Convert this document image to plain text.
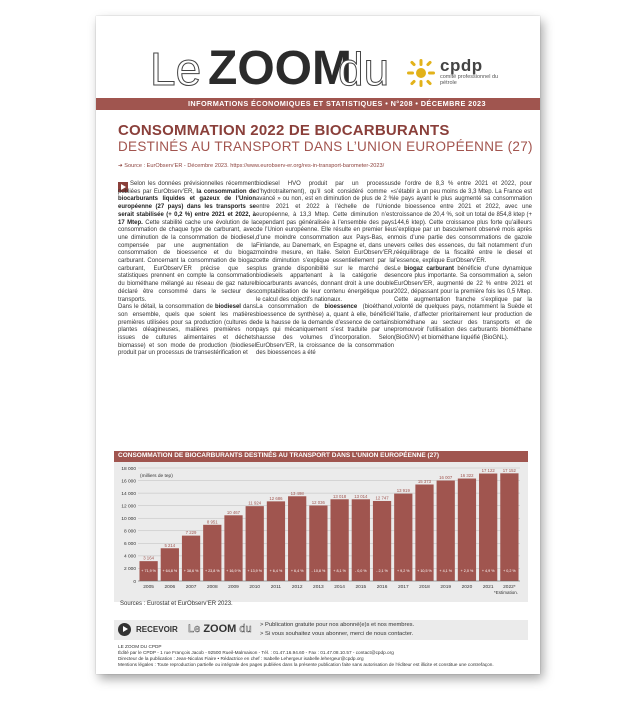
Le ZOOM
du	cpdp
comité professionnel du pétrole
INFORMATIONS ÉCONOMIQUES ET STATISTIQUES • N°208 • DÉCEMBRE 2023
CONSOMMATION 2022 DE BIOCARBURANTS
DESTINÉS AU TRANSPORT DANS L’UNION EUROPÉENNE (27)
➜ Source : EurObserv’ER - Décembre 2023. https://www.eurobserv-er.org/res-in-transport-barometer-2023/

Selon les données prévisionnelles récemment publiées par EurObserv’ER, la consommation de biocarburants liquides et gazeux de l’Union européenne (27 pays) dans les transports se serait stabilisée (+ 0,2 %) entre 2021 et 2022, à 17 Mtep. Cette stabilité cache une évolution de la consommation de chaque type de carburant, avec une diminution de la consommation de biodiesel, compensée par une augmentation de la consommation de bioessence et du biogaz carburant. Concernant la consommation de biogaz carburant, EurObserv’ER précise que ses statistiques prennent en compte la consommation du biométhane mélangé au réseau de gaz naturel déclaré être consommé dans le secteur des transports.

Dans le détail, la consommation de biodiesel dans son ensemble, quels que soient les matières premières utilisées pour sa production (cultures de plantes oléagineuses, matières premières non issues de cultures alimentaires et déchets biomasse) et son mode de production (biodiesel produit par un processus de transestérification et

biodiesel HVO produit par un processus d’hydrotraitement), qu’il soit considéré comme « avancé » ou non, est en diminution de plus de 2 % entre 2021 et 2022 à l’échelle de l’Union européenne, à 13,3 Mtep. Cette diminution n’est cependant pas généralisée à l’ensemble des pays de l’Union européenne. Elle résulte en premier lieu d’une moindre consommation aux Pays-Bas, en Finlande, au Danemark, en Espagne et, dans une moindre mesure, en Italie. Selon EurObserv’ER, cette diminution s’explique essentiellement par la plus grande disponibilité sur le marché des biodiesels appartenant à la catégorie des biocarburants avancés, donnant droit à une double comptabilisation de leur contenu énergétique pour le calcul des objectifs nationaux.

La consommation de bioessence (bioéthanol, bioessence de synthèse) a, quant à elle, bénéficié de la hausse de la demande d’essence de certains pays qui mécaniquement s’est traduite par une hausse des volumes d’incorporation. Selon EurObserv’ER, la croissance de la consommation des bioessences a été

de l’ordre de 8,3 % entre 2021 et 2022, pour s’établir à un peu moins de 3,3 Mtep. La France est le pays ayant le plus augmenté sa consommation de bioessence entre 2021 et 2022, avec une croissance de 20,4 %, soit un total de 854,8 ktep (+ 144,6 ktep). Cette croissance plus forte qu’ailleurs s’explique par un basculement observé mois après mois d’une partie des consommations de gazole vers celles des essences, du fait notamment d’un rééquilibrage de la fiscalité entre le diesel et l’essence, explique EurObserv’ER.

Le biogaz carburant bénéficie d’une dynamique encore plus importante. Sa consommation a, selon EurObserv’ER, augmenté de 22 % entre 2021 et 2022, dépassant pour la première fois les 0,5 Mtep. Cette augmentation franche s’explique par la volonté de quelques pays, notamment la Suède et l’Italie, d’affecter prioritairement leur production de biométhane au secteur des transports et de promouvoir l’utilisation des carburants biométhane (BioGNV) et biométhane liquéfié (BioGNL).

CONSOMMATION DE BIOCARBURANTS DESTINÉS AU TRANSPORT DANS L’UNION EUROPÉENNE (27)
0
2 000
4 000
6 000
8 000
10 000
12 000
14 000
16 000
18 000
(milliers de tep)
3 164
+ 71,9 %
2005
5 214
+ 64,8 %
2006
7 229
+ 38,6 %
2007
8 951
+ 23,8 %
2008
10 467
+ 16,9 %
2009
11 924
+ 13,9 %
2010
12 686
+ 6,4 %
2011
13 498
+ 6,4 %
2012
12 036
- 10,8 %
2013
13 018
+ 8,1 %
2014
13 014
- 0,0 %
2015
12 747
- 2,1 %
2016
13 919
+ 9,2 %
2017
15 373
+ 10,5 %
2018
16 007
+ 4,1 %
2019
16 322
+ 2,0 %
2020
17 122
+ 4,9 %
2021
17 152
+ 0,2 %
2022*
*Estimation.
Sources : Eurostat et EurObserv’ER 2023.
RECEVOIR Le ZOOM du > Publication gratuite pour nos abonné(e)s et nos membres.
> Si vous souhaitez vous abonner, merci de nous contacter.
LE ZOOM DU CPDP
Édité par le CPDP - 1 rue François Jacob - 92500 Rueil-Malmaison - Tél. : 01.47.16.94.60 - Fax : 01.47.08.10.57 - contact@cpdp.org
Directeur de la publication : Jean-Nicolas Fiaire • Rédactrice en chef : Isabelle Lehergeur isabelle.lehergeur@cpdp.org
Mentions légales : Toute reproduction partielle ou intégrale des pages publiées dans la présente publication faite sans autorisation de l’éditeur est illicite et constitue une contrefaçon.
